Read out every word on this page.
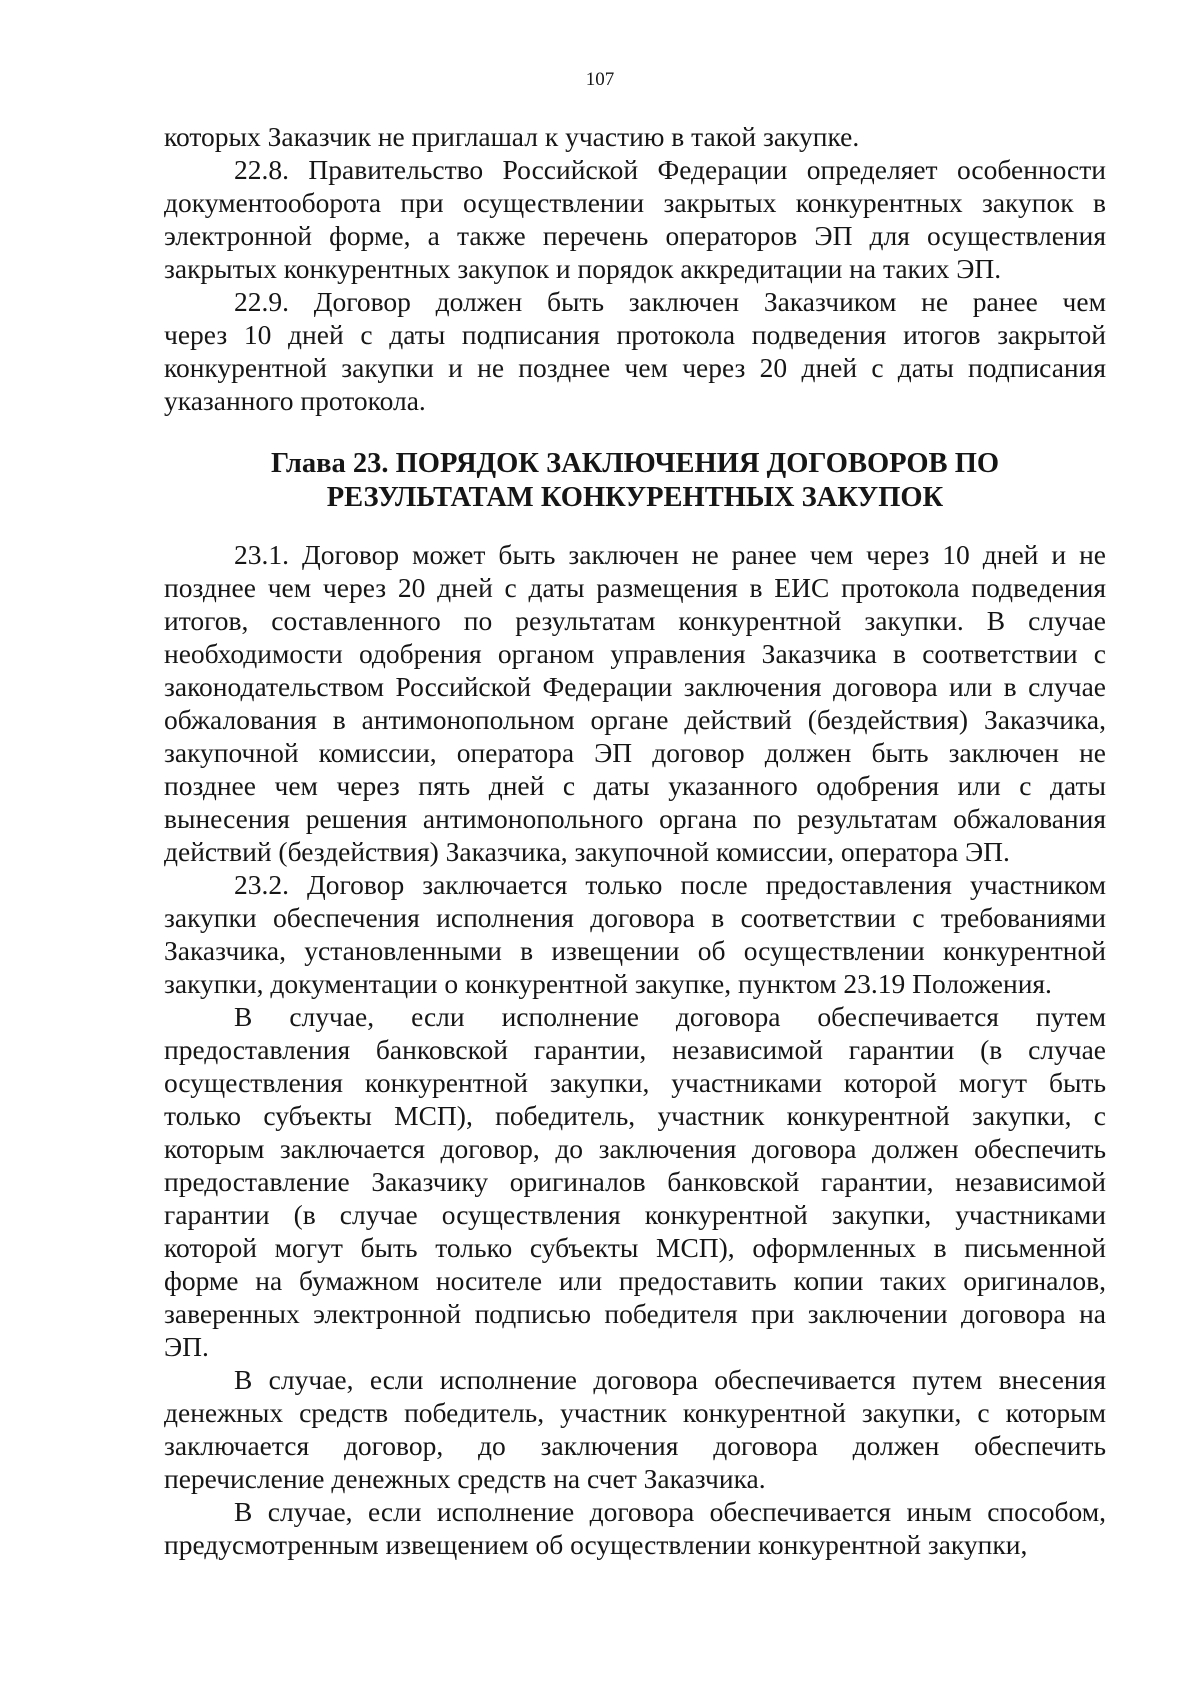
107

которых Заказчик не приглашал к участию в такой закупке.

22.8. Правительство Российской Федерации определяет особенности

документооборота при осуществлении закрытых конкурентных закупок в

электронной форме, а также перечень операторов ЭП для осуществления

закрытых конкурентных закупок и порядок аккредитации на таких ЭП.

22.9. Договор должен быть заключен Заказчиком не ранее чем

через 10 дней с даты подписания протокола подведения итогов закрытой

конкурентной закупки и не позднее чем через 20 дней с даты подписания

указанного протокола.

Глава 23. ПОРЯДОК ЗАКЛЮЧЕНИЯ ДОГОВОРОВ ПО
РЕЗУЛЬТАТАМ КОНКУРЕНТНЫХ ЗАКУПОК

23.1. Договор может быть заключен не ранее чем через 10 дней и не

позднее чем через 20 дней с даты размещения в ЕИС протокола подведения

итогов, составленного по результатам конкурентной закупки. В случае

необходимости одобрения органом управления Заказчика в соответствии с

законодательством Российской Федерации заключения договора или в случае

обжалования в антимонопольном органе действий (бездействия) Заказчика,

закупочной комиссии, оператора ЭП договор должен быть заключен не

позднее чем через пять дней с даты указанного одобрения или с даты

вынесения решения антимонопольного органа по результатам обжалования

действий (бездействия) Заказчика, закупочной комиссии, оператора ЭП.

23.2. Договор заключается только после предоставления участником

закупки обеспечения исполнения договора в соответствии с требованиями

Заказчика, установленными в извещении об осуществлении конкурентной

закупки, документации о конкурентной закупке, пунктом 23.19 Положения.

В случае, если исполнение договора обеспечивается путем

предоставления банковской гарантии, независимой гарантии (в случае

осуществления конкурентной закупки, участниками которой могут быть

только субъекты МСП), победитель, участник конкурентной закупки, с

которым заключается договор, до заключения договора должен обеспечить

предоставление Заказчику оригиналов банковской гарантии, независимой

гарантии (в случае осуществления конкурентной закупки, участниками

которой могут быть только субъекты МСП), оформленных в письменной

форме на бумажном носителе или предоставить копии таких оригиналов,

заверенных электронной подписью победителя при заключении договора на

ЭП.

В случае, если исполнение договора обеспечивается путем внесения

денежных средств победитель, участник конкурентной закупки, с которым

заключается договор, до заключения договора должен обеспечить

перечисление денежных средств на счет Заказчика.

В случае, если исполнение договора обеспечивается иным способом,

предусмотренным извещением об осуществлении конкурентной закупки,
